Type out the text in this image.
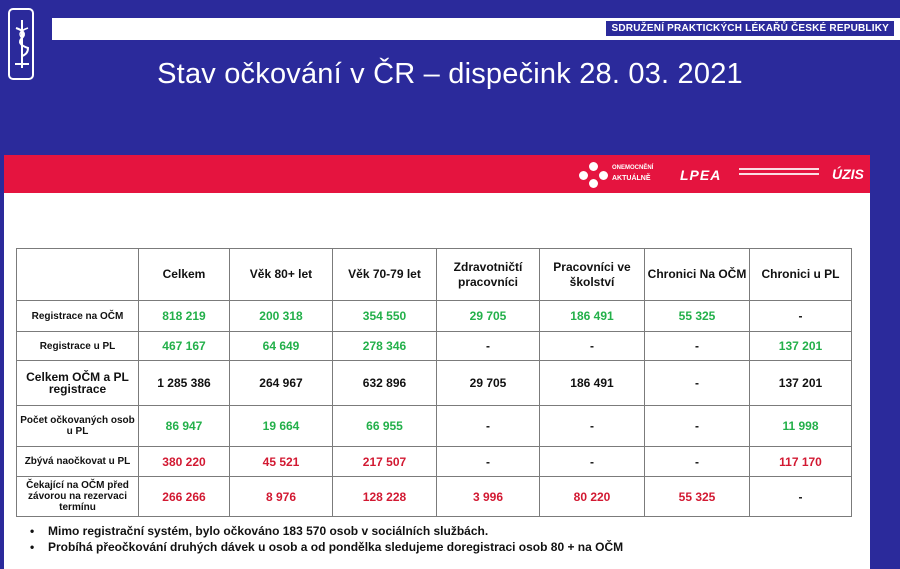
SDRUŽENÍ PRAKTICKÝCH LÉKAŘŮ ČESKÉ REPUBLIKY
Stav očkování v ČR – dispečink 28. 03. 2021
ONEMOCNĚNÍ
AKTUÁLNĚ LPEA	ÚZIS
	Celkem	Věk 80+ let	Věk 70-79 let	Zdravotničtí pracovníci	Pracovníci ve školství	Chronici Na OČM	Chronici u PL
Registrace na OČM	818 219	200 318	354 550	29 705	186 491	55 325	-
Registrace u PL	467 167	64 649	278 346	-	-	-	137 201
Celkem OČM a PL registrace	1 285 386	264 967	632 896	29 705	186 491	-	137 201
Počet očkovaných osob u PL	86 947	19 664	66 955	-	-	-	11 998
Zbývá naočkovat u PL	380 220	45 521	217 507	-	-	-	117 170
Čekající na OČM před závorou na rezervaci termínu	266 266	8 976	128 228	3 996	80 220	55 325	-
• Mimo registrační systém, bylo očkováno 183 570 osob v sociálních službách.
• Probíhá přeočkování druhých dávek u osob a od pondělka sledujeme doregistraci osob 80 + na OČM
